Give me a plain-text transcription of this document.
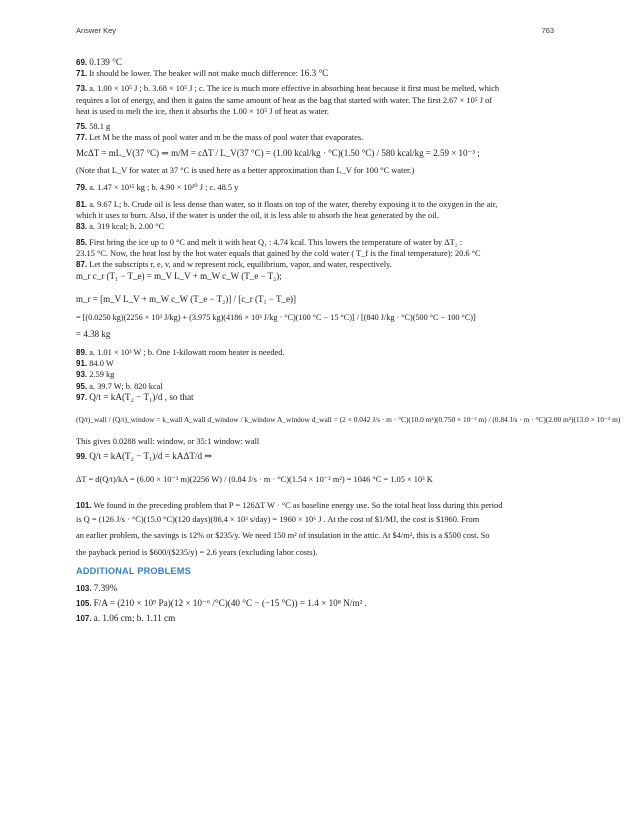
Answer Key	763

69. 0.139 °C

71. It should be lower. The beaker will not make much difference: 16.3 °C

73. a. 1.00 × 10⁵ J ; b. 3.68 × 10⁵ J ; c. The ice is much more effective in absorbing heat because it first must be melted, which

requires a lot of energy, and then it gains the same amount of heat as the bag that started with water. The first 2.67 × 10⁵ J of

heat is used to melt the ice, then it absorbs the 1.00 × 10⁵ J of heat as water.

75. 58.1 g

77. Let M be the mass of pool water and m be the mass of pool water that evaporates.

McΔT = mL_V(37 °C) ⇒ m/M = cΔT / L_V(37 °C) = (1.00 kcal/kg · °C)(1.50 °C) / 580 kcal/kg = 2.59 × 10⁻³ ;

(Note that L_V for water at 37 °C is used here as a better approximation than L_V for 100 °C water.)

79. a. 1.47 × 10¹⁵ kg ; b. 4.90 × 10²⁰ J ; c. 48.5 y

81. a. 9.67 L; b. Crude oil is less dense than water, so it floats on top of the water, thereby exposing it to the oxygen in the air,

which it uses to burn. Also, if the water is under the oil, it is less able to absorb the heat generated by the oil.

83. a. 319 kcal; b. 2.00 °C

85. First bring the ice up to 0 °C and melt it with heat Q₁ : 4.74 kcal. This lowers the temperature of water by ΔT₂ :

23.15 °C. Now, the heat lost by the hot water equals that gained by the cold water ( T_f is the final temperature): 20.6 °C

87. Let the subscripts r, e, v, and w represent rock, equilibrium, vapor, and water, respectively.

m_r c_r (T₁ − T_e) = m_V L_V + m_W c_W (T_e − T₂);
m_r = [m_V L_V + m_W c_W (T_e − T₂)] / [c_r (T₁ − T_e)]
= [(0.0250 kg)(2256 × 10³ J/kg) + (3.975 kg)(4186 × 10³ J/kg · °C)(100 °C − 15 °C)] / [(840 J/kg · °C)(500 °C − 100 °C)]
= 4.38 kg

89. a. 1.01 × 10³ W ; b. One 1-kilowatt room heater is needed.

91. 84.0 W

93. 2.59 kg

95. a. 39.7 W; b. 820 kcal

97. Q/t = kA(T₂ − T₁)/d , so that

(Q/t)_wall / (Q/t)_window = k_wall A_wall d_window / k_window A_window d_wall = (2 × 0.042 J/s · m · °C)(10.0 m²)(0.750 × 10⁻² m) / (0.84 J/s · m · °C)(2.00 m²)(13.0 × 10⁻² m)

This gives 0.0288 wall: window, or 35:1 window: wall

99. Q/t = kA(T₂ − T₁)/d = kAΔT/d ⇒

ΔT = d(Q/t)/kA = (6.00 × 10⁻³ m)(2256 W) / (0.84 J/s · m · °C)(1.54 × 10⁻² m²) = 1046 °C = 1.05 × 10³ K

101. We found in the preceding problem that P = 126ΔT W · °C as baseline energy use. So the total heat loss during this period

is Q = (126 J/s · °C)(15.0 °C)(120 days)(86.4 × 10³ s/day) = 1960 × 10⁶ J . At the cost of $1/MJ, the cost is $1960. From

an earlier problem, the savings is 12% or $235/y. We need 150 m² of insulation in the attic. At $4/m², this is a $500 cost. So

the payback period is $600/($235/y) = 2.6 years (excluding labor costs).

ADDITIONAL PROBLEMS

103. 7.39%

105. F/A = (210 × 10⁹ Pa)(12 × 10⁻⁶ /°C)(40 °C − (−15 °C)) = 1.4 × 10⁸ N/m² .

107. a. 1.06 cm; b. 1.11 cm
